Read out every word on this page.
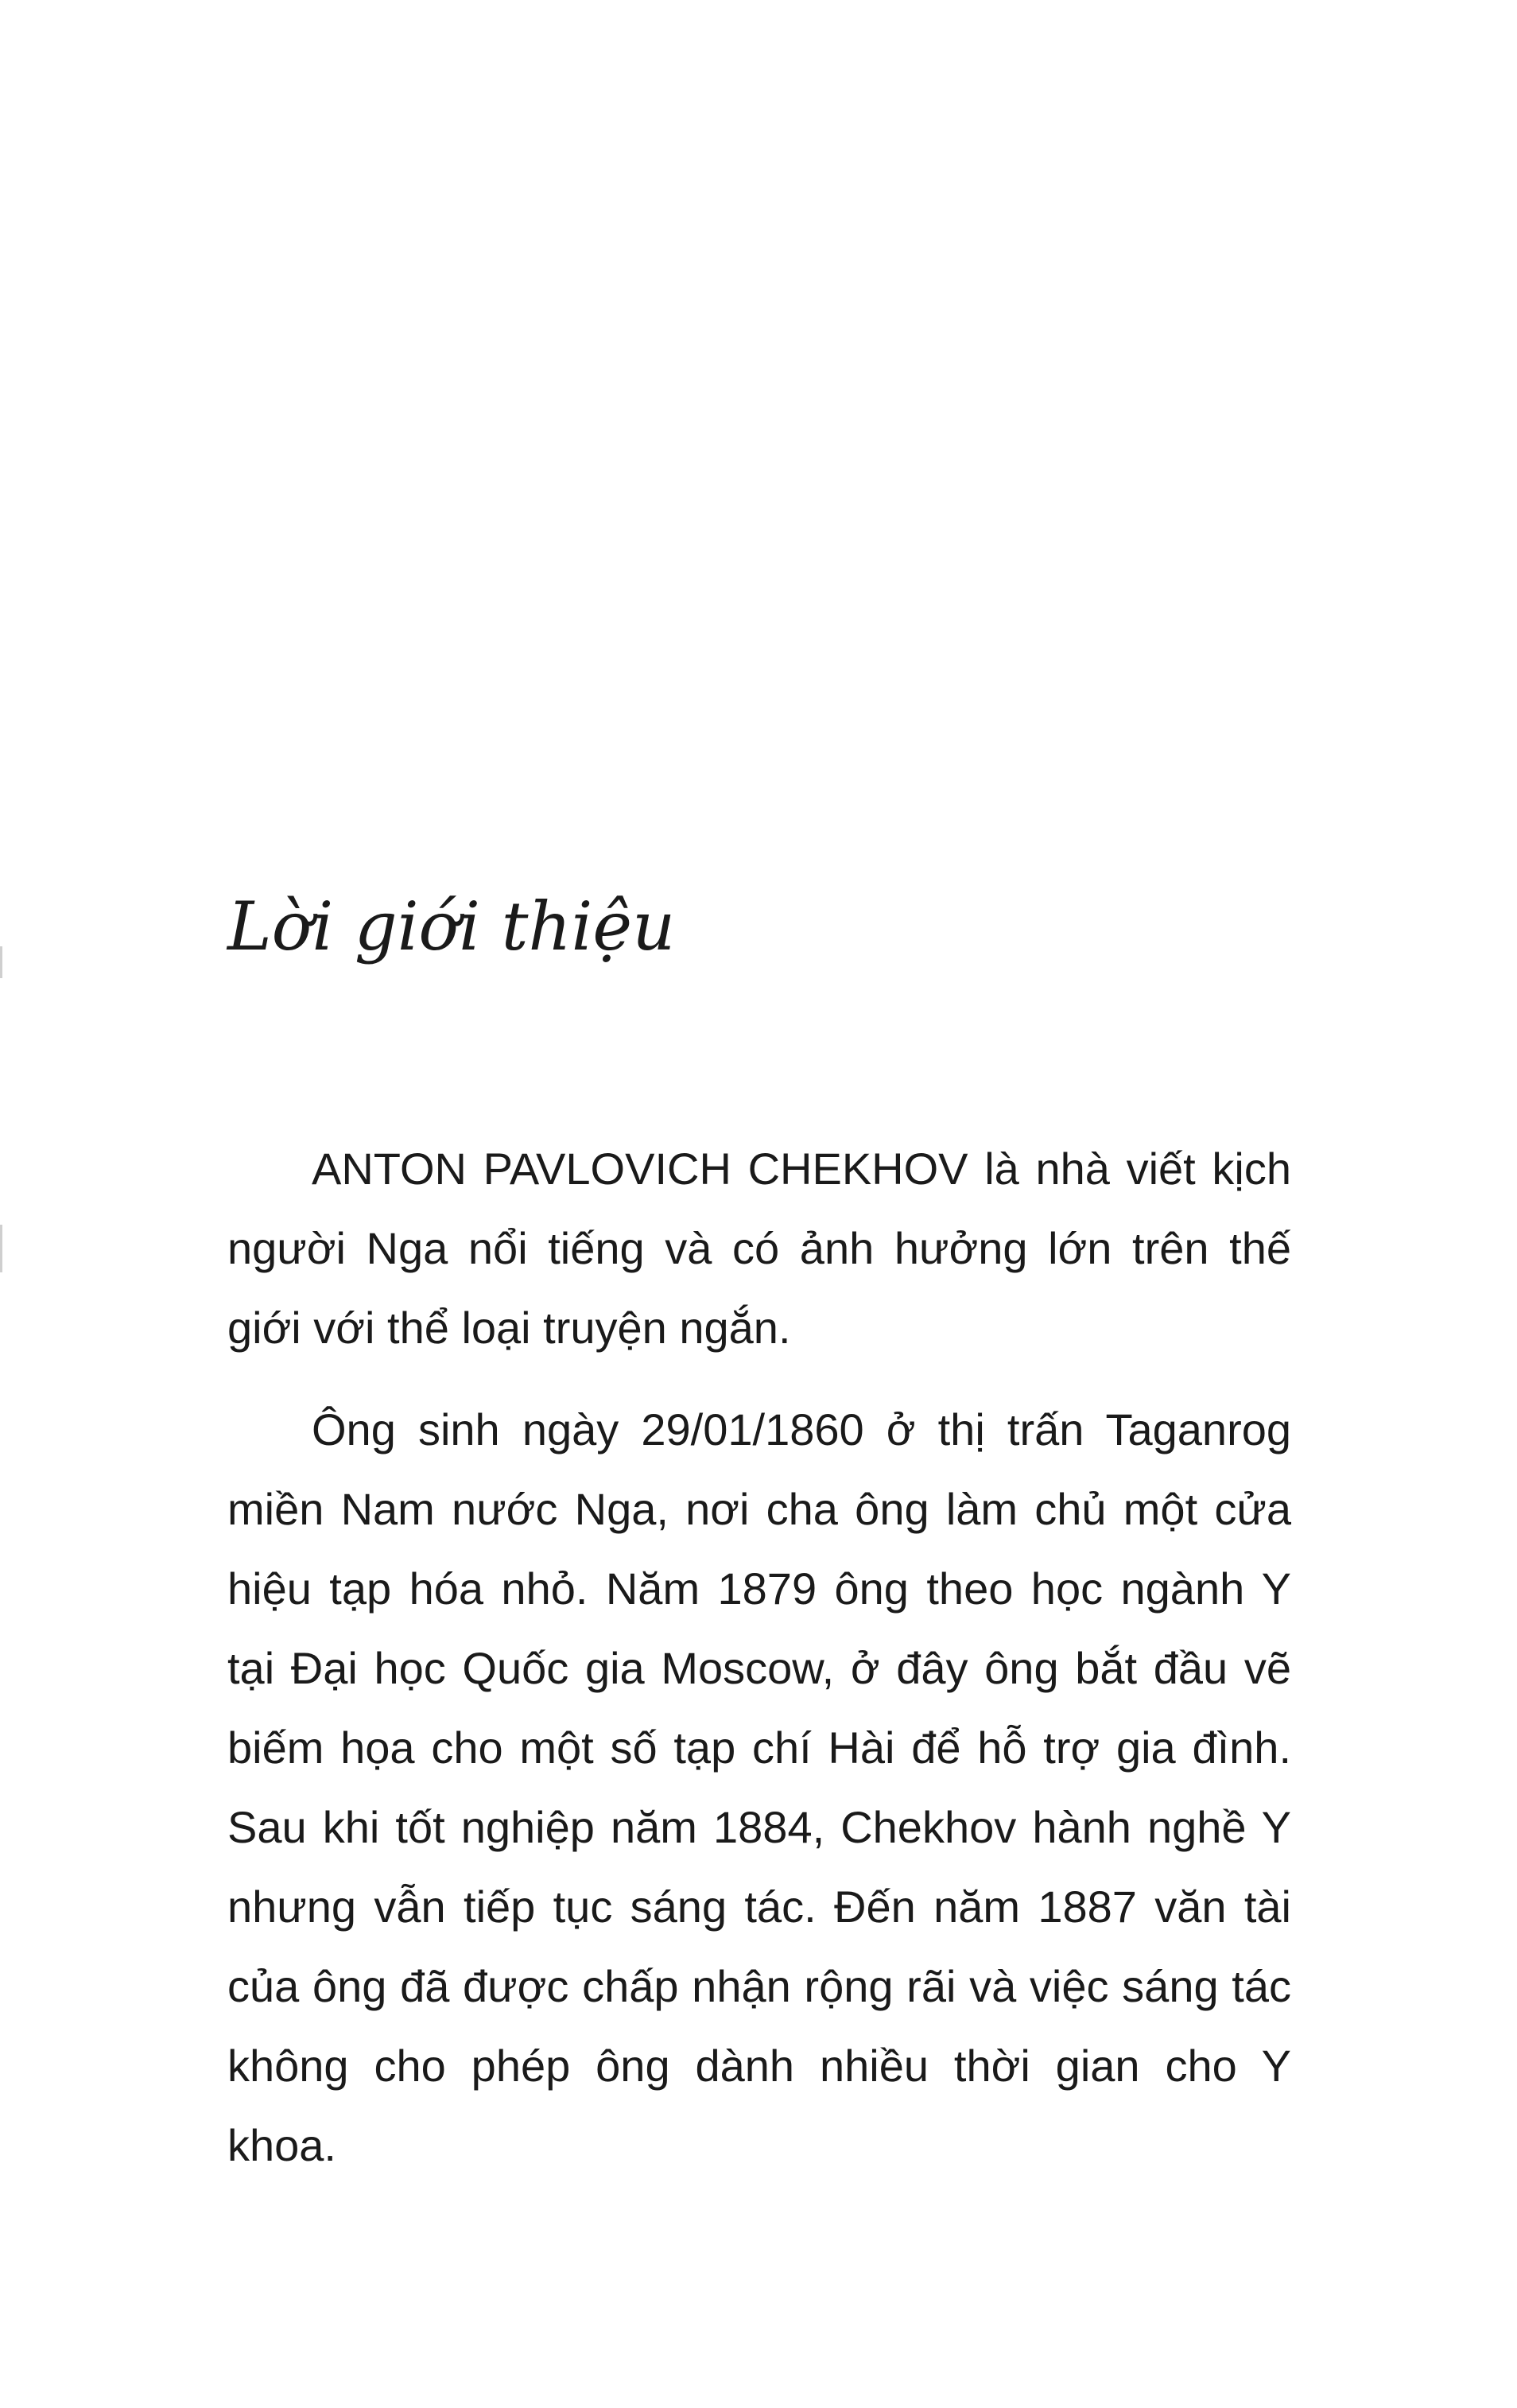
Lời giới thiệu

ANTON PAVLOVICH CHEKHOV là nhà viết kịch người Nga nổi tiếng và có ảnh hưởng lớn trên thế giới với thể loại truyện ngắn.

Ông sinh ngày 29/01/1860 ở thị trấn Taganrog miền Nam nước Nga, nơi cha ông làm chủ một cửa hiệu tạp hóa nhỏ. Năm 1879 ông theo học ngành Y tại Đại học Quốc gia Moscow, ở đây ông bắt đầu vẽ biếm họa cho một số tạp chí Hài để hỗ trợ gia đình. Sau khi tốt nghiệp năm 1884, Chekhov hành nghề Y nhưng vẫn tiếp tục sáng tác. Đến năm 1887 văn tài của ông đã được chấp nhận rộng rãi và việc sáng tác không cho phép ông dành nhiều thời gian cho Y khoa.
